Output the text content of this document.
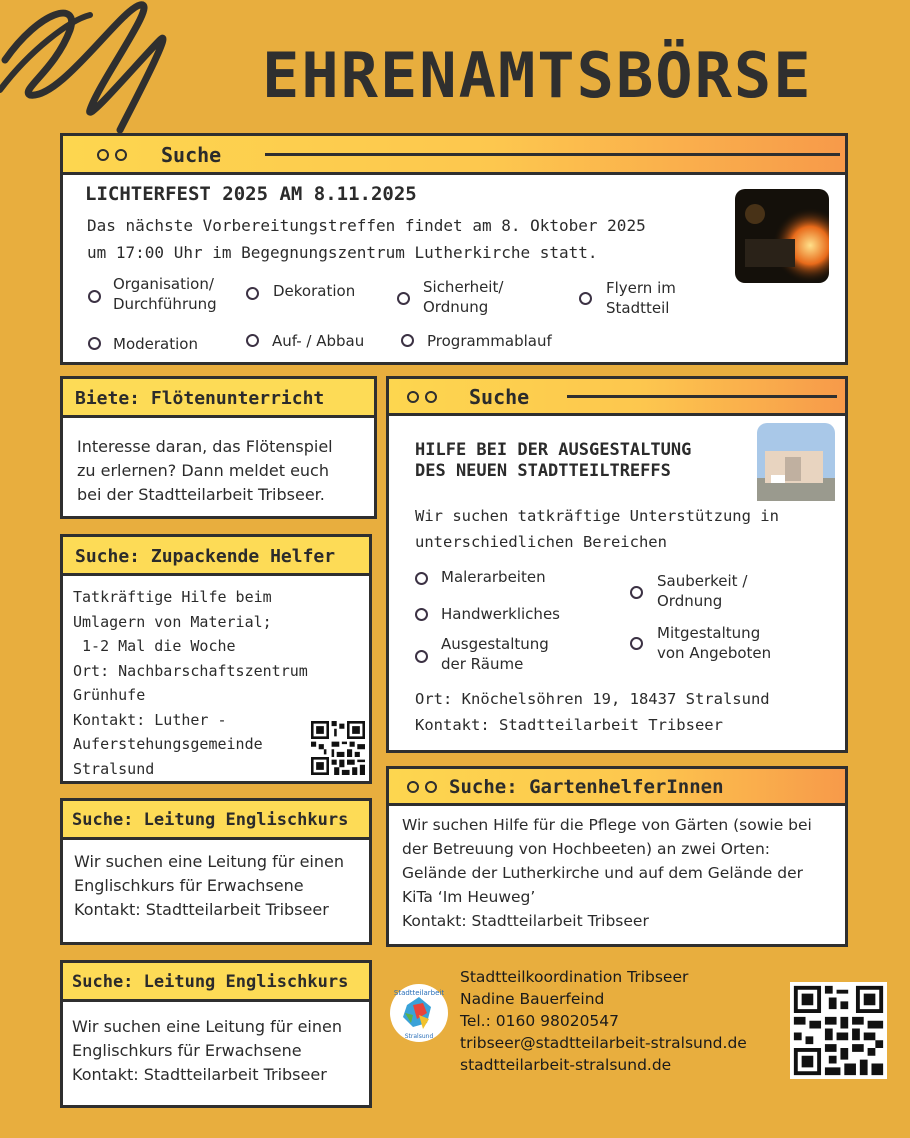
EHRENAMTSBÖRSE
Suche
LICHTERFEST 2025 AM 8.11.2025
Das nächste Vorbereitungstreffen findet am 8. Oktober 2025
um 17:00 Uhr im Begegnungszentrum Lutherkirche statt.
Organisation/
Durchführung
Dekoration	Sicherheit/
Ordnung
Flyern im
Stadtteil
Moderation	Auf- / Abbau	Programmablauf
Biete: Flötenunterricht
Interesse daran, das Flötenspiel
zu erlernen? Dann meldet euch
bei der Stadtteilarbeit Tribseer.
Suche
HILFE BEI DER AUSGESTALTUNG
DES NEUEN STADTTEILTREFFS
Wir suchen tatkräftige Unterstützung in
unterschiedlichen Bereichen
Malerarbeiten	Sauberkeit /
Ordnung
Handwerkliches
Mitgestaltung
von Angeboten
Ausgestaltung
der Räume
Ort: Knöchelsöhren 19, 18437 Stralsund
Kontakt: Stadtteilarbeit Tribseer
Suche: Zupackende Helfer
Tatkräftige Hilfe beim
Umlagern von Material;
1-2 Mal die Woche
Ort: Nachbarschaftszentrum
Grünhufe
Kontakt: Luther -
Auferstehungsgemeinde
Stralsund
Suche: GartenhelferInnen
Wir suchen Hilfe für die Pflege von Gärten (sowie bei
der Betreuung von Hochbeeten) an zwei Orten:
Gelände der Lutherkirche und auf dem Gelände der
KiTa ‘Im Heuweg’
Kontakt: Stadtteilarbeit Tribseer
Suche: Leitung Englischkurs
Wir suchen eine Leitung für einen
Englischkurs für Erwachsene
Kontakt: Stadtteilarbeit Tribseer
Suche: Leitung Englischkurs
Wir suchen eine Leitung für einen
Englischkurs für Erwachsene
Kontakt: Stadtteilarbeit Tribseer
Stadtteilarbeit
Stralsund
Stadtteilkoordination Tribseer
Nadine Bauerfeind
Tel.: 0160 98020547
tribseer@stadtteilarbeit-stralsund.de
stadtteilarbeit-stralsund.de
